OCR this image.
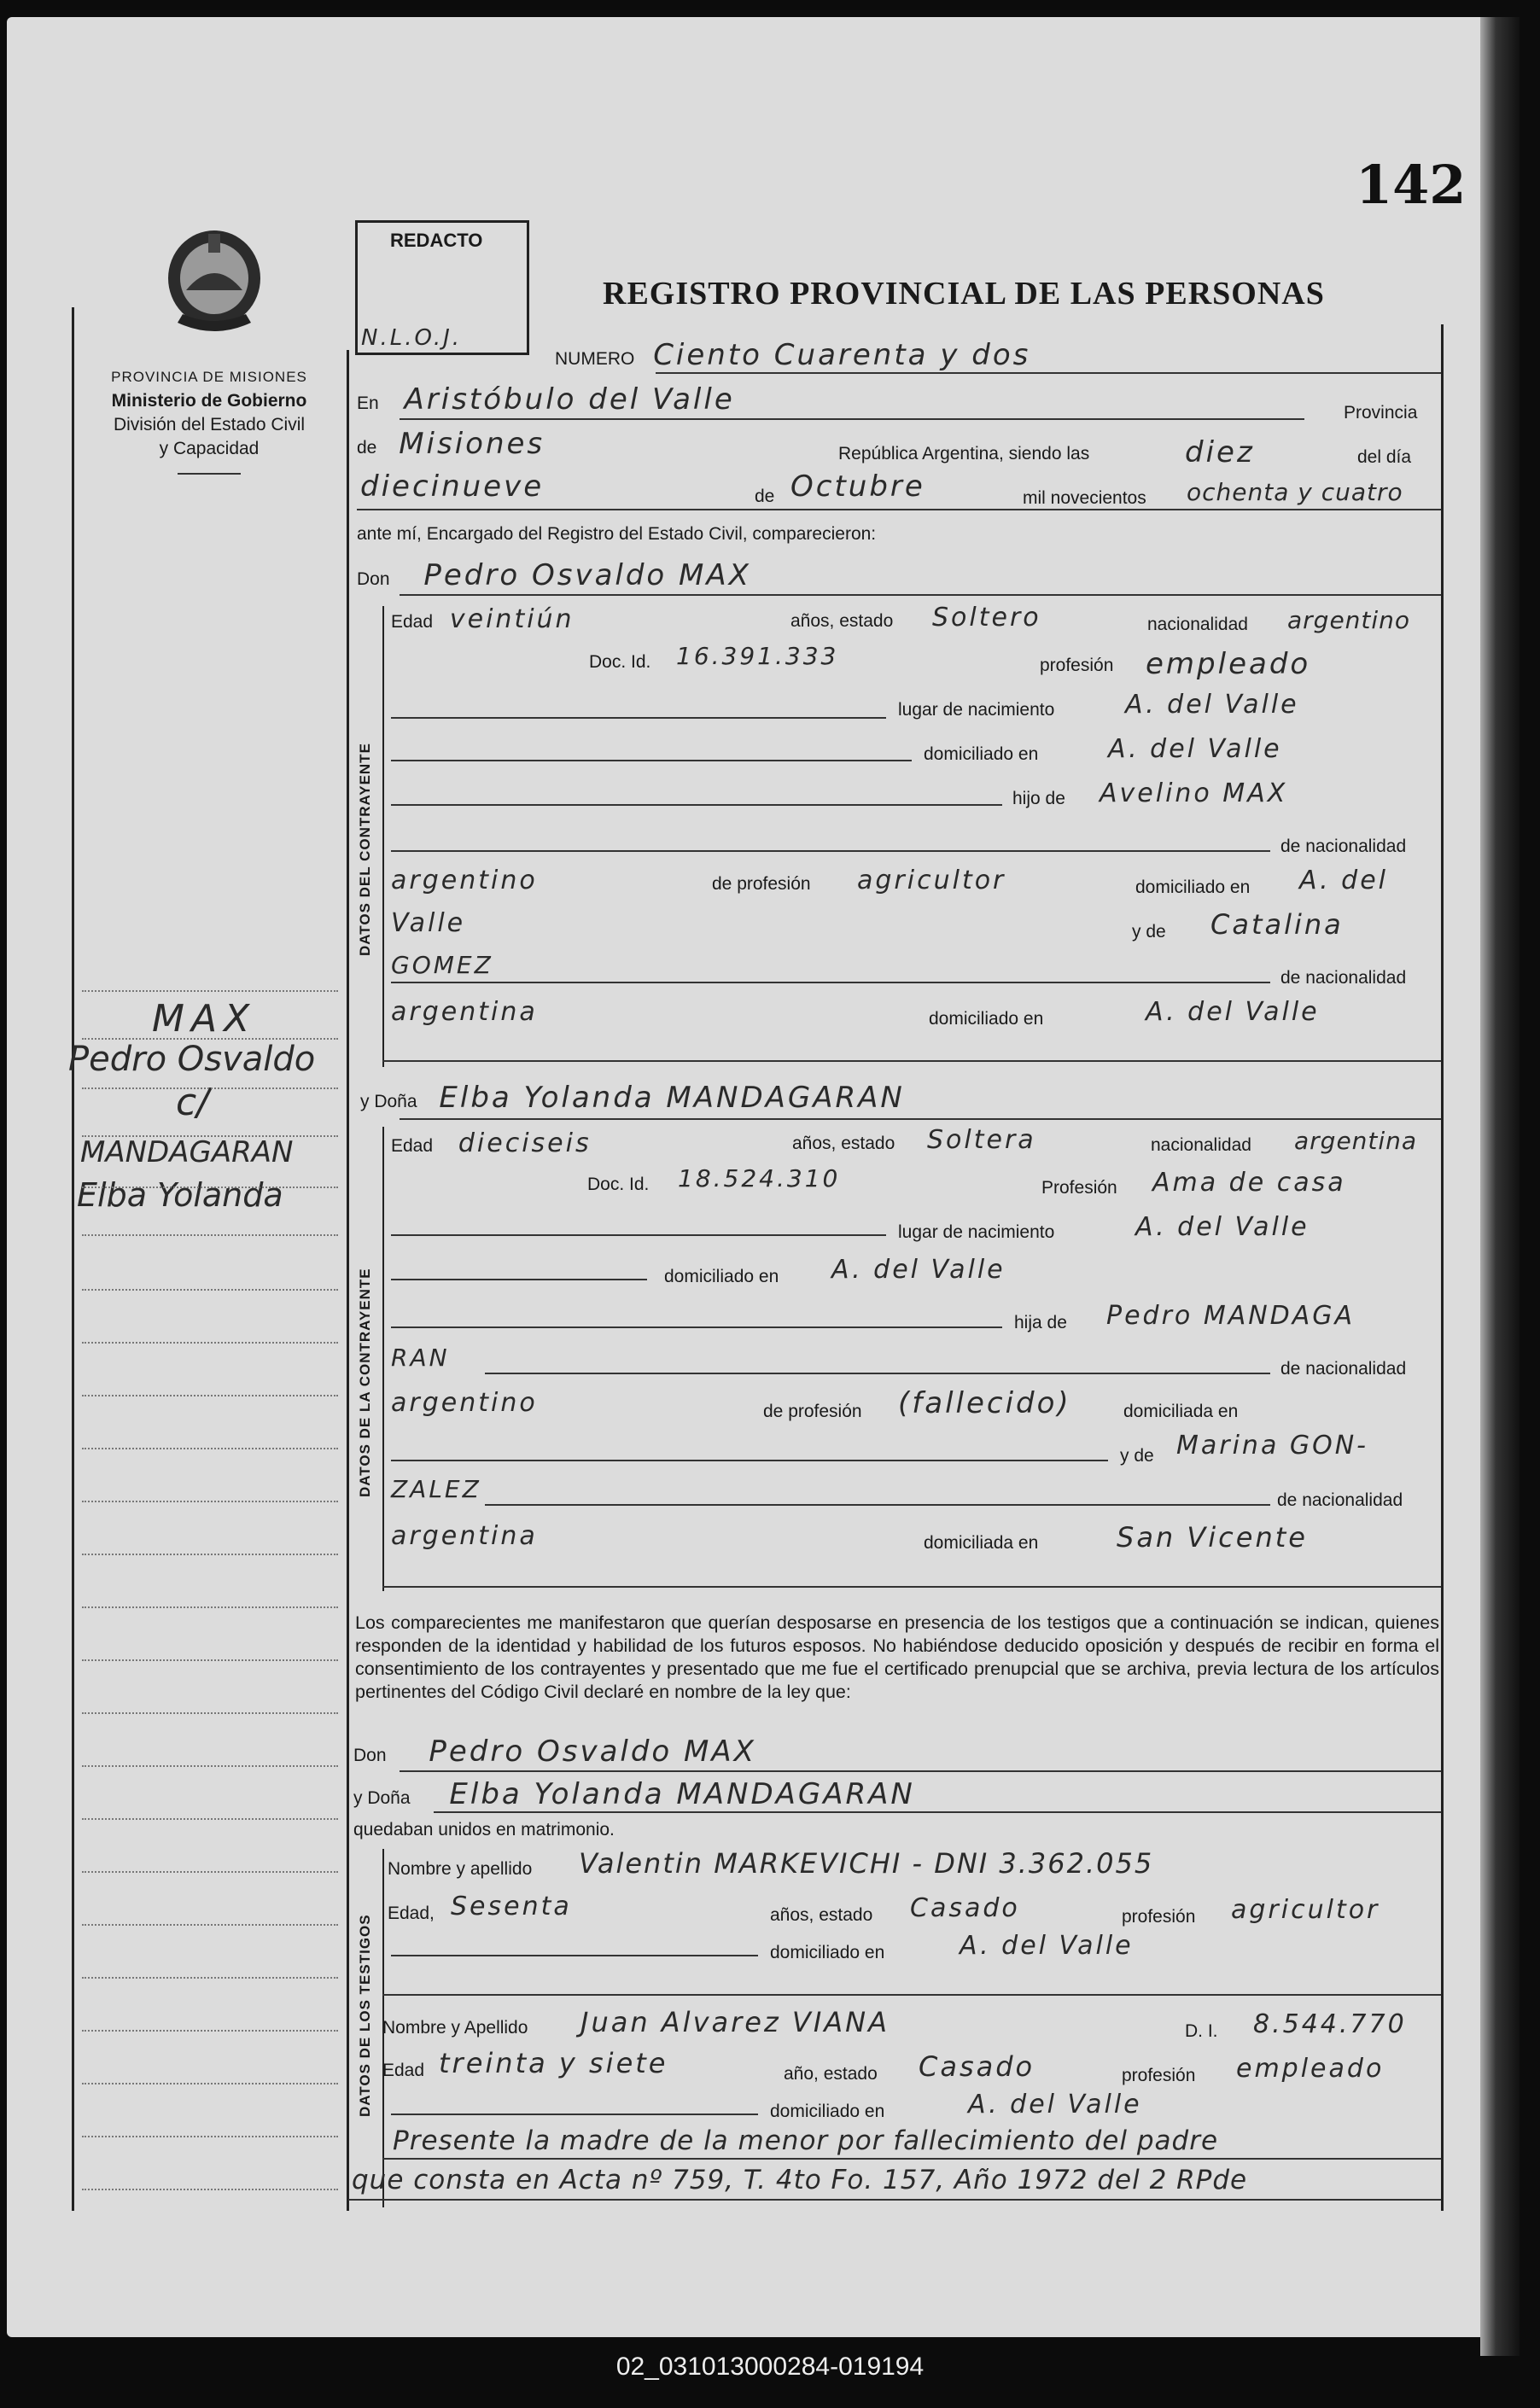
142
REDACTO
N.L.O.J.
REGISTRO PROVINCIAL DE LAS PERSONAS
PROVINCIA DE MISIONES
Ministerio de Gobierno
División del Estado Civil
y Capacidad
NUMERO Ciento Cuarenta y dos
En Aristóbulo del Valle	Provincia
de Misiones	República Argentina, siendo las	diez	del día
diecinueve	de Octubre	mil novecientos ochenta y cuatro
ante mí, Encargado del Registro del Estado Civil, comparecieron:
DATOS DEL CONTRAYENTE
Don Pedro Osvaldo MAX
Edad veintiún	años, estado Soltero	nacionalidad argentino
Doc. Id. 16.391.333	profesión empleado
lugar de nacimiento	A. del Valle
domiciliado en	A. del Valle
hijo de Avelino MAX
de nacionalidad
argentino	de profesión agricultor	domiciliado en A. del
Valle	y de Catalina
GOMEZ	de nacionalidad
argentina	domiciliado en	A. del Valle
y Doña Elba Yolanda MANDAGARAN
DATOS DE LA CONTRAYENTE
Edad dieciseis	años, estado Soltera	nacionalidad argentina
Doc. Id. 18.524.310	Profesión Ama de casa
lugar de nacimiento	A. del Valle
domiciliado en A. del Valle
hija de Pedro MANDAGA
RAN	de nacionalidad
argentino	de profesión (fallecido)	domiciliada en
y de Marina GON-
ZALEZ	de nacionalidad
argentina	domiciliada en	San Vicente
Los comparecientes me manifestaron que querían desposarse en presencia de los testigos que a continuación se indican, quienes responden de la identidad y habilidad de los futuros esposos. No habiéndose deducido oposición y después de recibir en forma el consentimiento de los contrayentes y presentado que me fue el certificado prenupcial que se archiva, previa lectura de los artículos pertinentes del Código Civil declaré en nombre de la ley que:
Don Pedro Osvaldo MAX
y Doña Elba Yolanda MANDAGARAN
quedaban unidos en matrimonio.
DATOS DE LOS TESTIGOS
Nombre y apellido Valentin MARKEVICHI - DNI 3.362.055
Edad, Sesenta	años, estado Casado	profesión agricultor
domiciliado en	A. del Valle
Nombre y Apellido Juan Alvarez VIANA	D. I. 8.544.770
Edad treinta y siete	año, estado Casado	profesión empleado
domiciliado en	A. del Valle
Presente la madre de la menor por fallecimiento del padre
que consta en Acta nº 759, T. 4to Fo. 157, Año 1972 del 2 RPde
MAX
Pedro Osvaldo
c/
MANDAGARAN
Elba Yolanda
02_031013000284-019194
